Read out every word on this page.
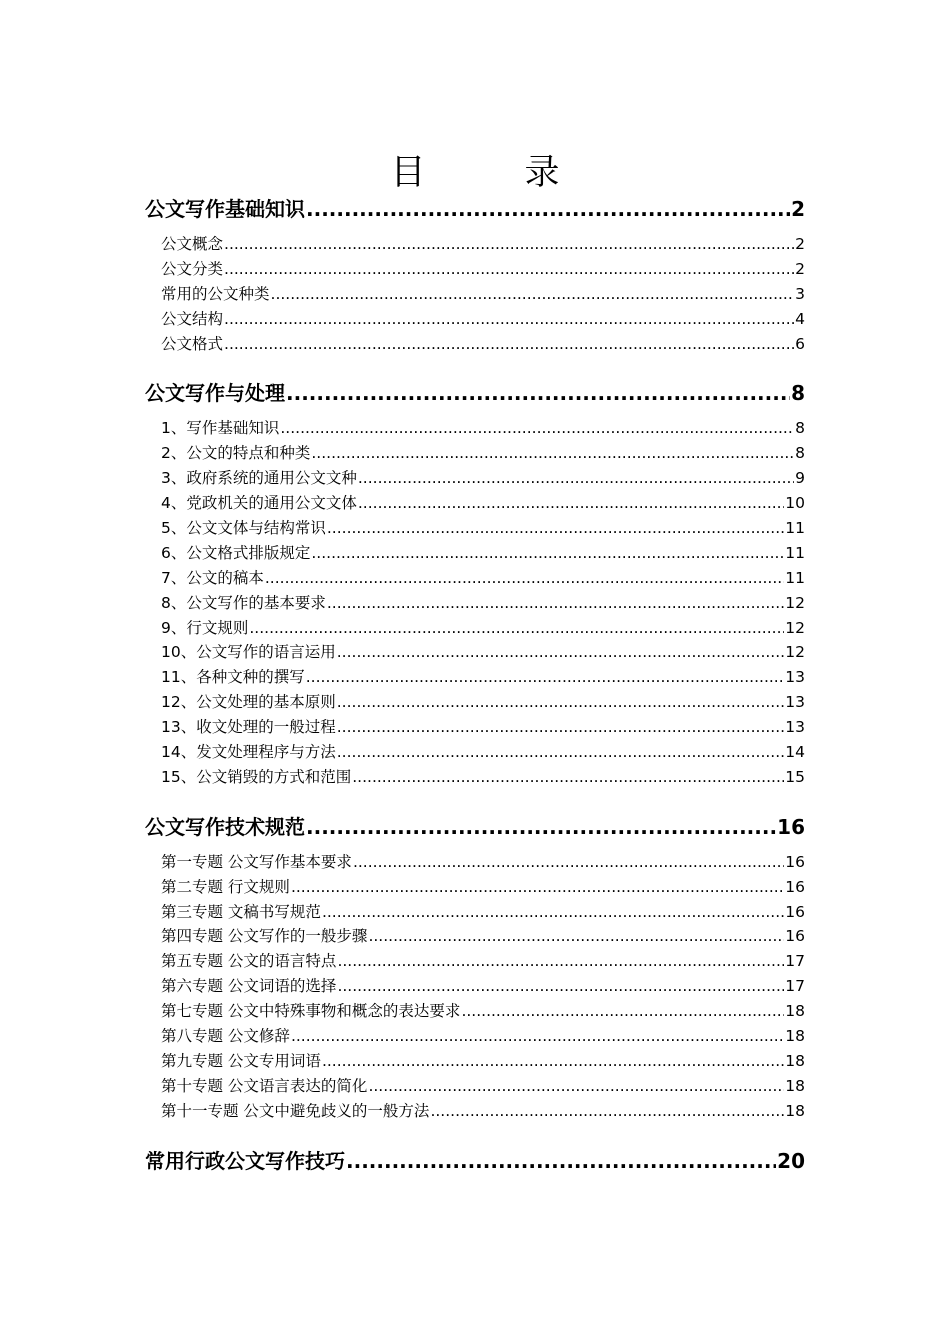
目　录
公文写作基础知识 .....	2
公文概念 .....	2
公文分类 .....	2
常用的公文种类 .....	3
公文结构 .....	4
公文格式 .....	6
公文写作与处理 .....	8
1、写作基础知识 .....	8
2、公文的特点和种类 .....	8
3、政府系统的通用公文文种 .....	9
4、党政机关的通用公文文体 .....	10
5、公文文体与结构常识 .....	11
6、公文格式排版规定 .....	11
7、公文的稿本 .....	11
8、公文写作的基本要求 .....	12
9、行文规则 .....	12
10、公文写作的语言运用 .....	12
11、各种文种的撰写 .....	13
12、公文处理的基本原则 .....	13
13、收文处理的一般过程 .....	13
14、发文处理程序与方法 .....	14
15、公文销毁的方式和范围 .....	15
公文写作技术规范 .....	16
第一专题 公文写作基本要求 .....	16
第二专题 行文规则 .....	16
第三专题 文稿书写规范 .....	16
第四专题 公文写作的一般步骤 .....	16
第五专题 公文的语言特点 .....	17
第六专题 公文词语的选择 .....	17
第七专题 公文中特殊事物和概念的表达要求 .....	18
第八专题 公文修辞 .....	18
第九专题 公文专用词语 .....	18
第十专题 公文语言表达的简化 .....	18
第十一专题 公文中避免歧义的一般方法 .....	18
常用行政公文写作技巧 .....	20
